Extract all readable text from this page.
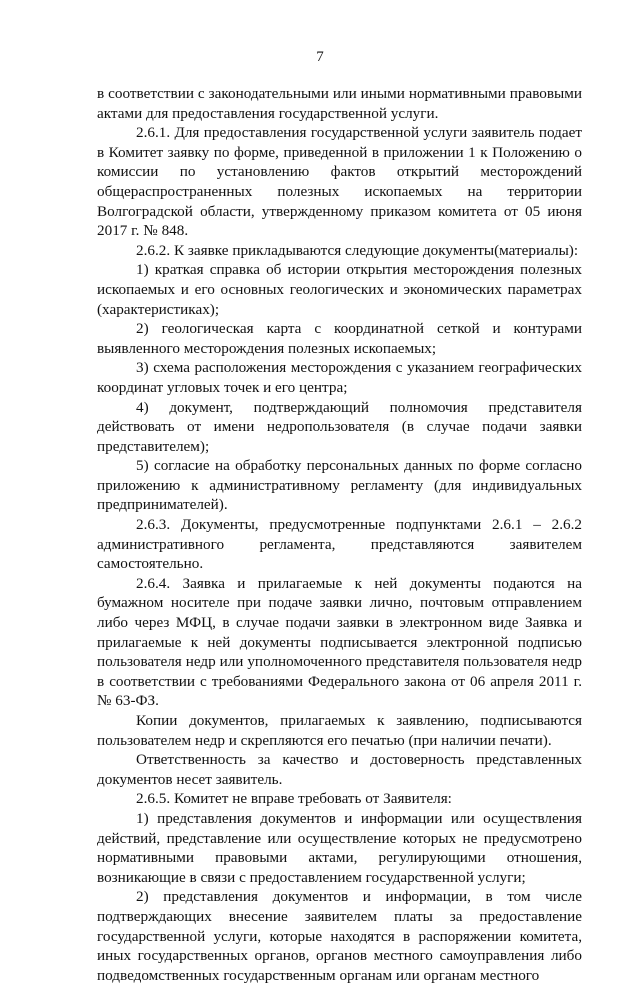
7

в соответствии с законодательными или иными нормативными правовыми актами для предоставления государственной услуги.

2.6.1. Для предоставления государственной услуги заявитель подает в Комитет заявку по форме, приведенной в приложении 1 к Положению о комиссии по установлению фактов открытий месторождений общераспространенных полезных ископаемых на территории Волгоградской области, утвержденному приказом комитета от 05 июня 2017 г. № 848.

2.6.2. К заявке прикладываются следующие документы(материалы):

1) краткая справка об истории открытия месторождения полезных ископаемых и его основных геологических и экономических параметрах (характеристиках);

2) геологическая карта с координатной сеткой и контурами выявленного месторождения полезных ископаемых;

3) схема расположения месторождения с указанием географических координат угловых точек и его центра;

4) документ, подтверждающий полномочия представителя действовать от имени недропользователя (в случае подачи заявки представителем);

5) согласие на обработку персональных данных по форме согласно приложению к административному регламенту (для индивидуальных предпринимателей).

2.6.3. Документы, предусмотренные подпунктами 2.6.1 – 2.6.2 административного регламента, представляются заявителем самостоятельно.

2.6.4. Заявка и прилагаемые к ней документы подаются на бумажном носителе при подаче заявки лично, почтовым отправлением либо через МФЦ, в случае подачи заявки в электронном виде Заявка и прилагаемые к ней документы подписывается электронной подписью пользователя недр или уполномоченного представителя пользователя недр в соответствии с требованиями Федерального закона от 06 апреля 2011 г. № 63-ФЗ.

Копии документов, прилагаемых к заявлению, подписываются пользователем недр и скрепляются его печатью (при наличии печати).

Ответственность за качество и достоверность представленных документов несет заявитель.

2.6.5. Комитет не вправе требовать от Заявителя:

1) представления документов и информации или осуществления действий, представление или осуществление которых не предусмотрено нормативными правовыми актами, регулирующими отношения, возникающие в связи с предоставлением государственной услуги;

2) представления документов и информации, в том числе подтверждающих внесение заявителем платы за предоставление государственной услуги, которые находятся в распоряжении комитета, иных государственных органов, органов местного самоуправления либо подведомственных государственным органам или органам местного
